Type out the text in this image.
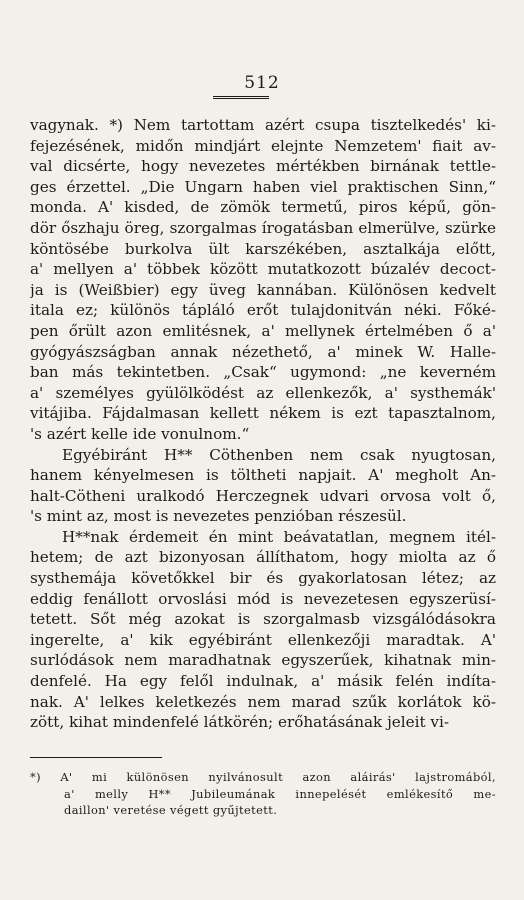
512
vagynak. *) Nem tartottam azért csupa tisztelkedés' ki-
fejezésének, midőn mindjárt elejnte Nemzetem' fiait av-
val dicsérte, hogy nevezetes mértékben birnának tettle-
ges érzettel. „Die Ungarn haben viel praktischen Sinn,“
monda. A' kisded, de zömök termetű, piros képű, gön-
dör őszhaju öreg, szorgalmas írogatásban elmerülve, szürke
köntösébe burkolva ült karszékében, asztalkája előtt,
a' mellyen a' többek között mutatkozott búzalév decoct-
ja is (Weißbier) egy üveg kannában. Különösen kedvelt
itala ez; különös tápláló erőt tulajdonitván néki. Főké-
pen őrült azon emlitésnek, a' mellynek értelmében ő a'
gyógyászságban annak nézethető, a' minek W. Halle-
ban más tekintetben. „Csak“ ugymond: „ne keverném
a' személyes gyülölködést az ellenkezők, a' systhemák'
vitájiba. Fájdalmasan kellett nékem is ezt tapasztalnom,
's azért kelle ide vonulnom.“
Egyébiránt H** Cöthenben nem csak nyugtosan,
hanem kényelmesen is töltheti napjait. A' megholt An-
halt-Cötheni uralkodó Herczegnek udvari orvosa volt ő,
's mint az, most is nevezetes penzióban részesül.
H**nak érdemeit én mint beávatatlan, megnem itél-
hetem; de azt bizonyosan állíthatom, hogy miolta az ő
systhemája követőkkel bir és gyakorlatosan létez; az
eddig fenállott orvoslási mód is nevezetesen egyszerüsí-
tetett. Sőt még azokat is szorgalmasb vizsgálódásokra
ingerelte, a' kik egyébiránt ellenkezőji maradtak. A'
surlódások nem maradhatnak egyszerűek, kihatnak min-
denfelé. Ha egy felől indulnak, a' másik felén indíta-
nak. A' lelkes keletkezés nem marad szűk korlátok kö-
zött, kihat mindenfelé látkörén; erőhatásának jeleit vi-
*) A' mi különösen nyilvánosult azon aláirás' lajstromából,
a' melly H** Jubileumának innepelését emlékesítő me-
daillon' veretése végett gyűjtetett.
